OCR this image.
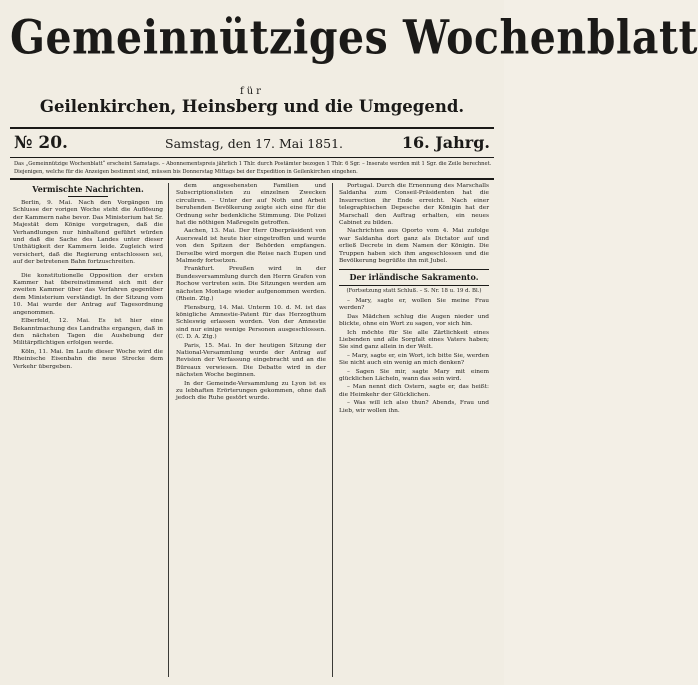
Gemeinnütziges Wochenblatt
für
Geilenkirchen, Heinsberg und die Umgegend.
№ 20.	Samstag, den 17. Mai 1851.	16. Jahrg.
Das „Gemeinnützige Wochenblatt“ erscheint Samstags. – Abonnementspreis jährlich 1 Thlr. durch Postämter bezogen 1 Thlr. 6 Sgr. – Inserate werden mit 1 Sgr. die Zeile berechnet. Diejenigen, welche für die Anzeigen bestimmt sind, müssen bis Donnerstag Mittags bei der Expedition in Geilenkirchen eingehen.
Vermischte Nachrichten.

Berlin, 9. Mai. Nach den Vorgängen im Schlusse der vorigen Woche steht die Auflösung der Kammern nahe bevor. Das Ministerium hat Sr. Majestät dem Könige vorgetragen, daß die Verhandlungen nur hinhaltend geführt würden und daß die Sache des Landes unter dieser Unthätigkeit der Kammern leide. Zugleich wird versichert, daß die Regierung entschlossen sei, auf der betretenen Bahn fortzuschreiten.

Die konstitutionelle Opposition der ersten Kammer hat übereinstimmend sich mit der zweiten Kammer über das Verfahren gegenüber dem Ministerium verständigt. In der Sitzung vom 10. Mai wurde der Antrag auf Tagesordnung angenommen.

Elberfeld, 12. Mai. Es ist hier eine Bekanntmachung des Landraths ergangen, daß in den nächsten Tagen die Aushebung der Militärpflichtigen erfolgen werde.

Köln, 11. Mai. Im Laufe dieser Woche wird die Rheinische Eisenbahn die neue Strecke dem Verkehr übergeben.

dem angesehensten Familien und Subscriptionslisten zu einzelnen Zwecken circuliren. – Unter der auf Noth und Arbeit beruhenden Bevölkerung zeigte sich eine für die Ordnung sehr bedenkliche Stimmung. Die Polizei hat die nöthigen Maßregeln getroffen.

Aachen, 13. Mai. Der Herr Oberpräsident von Auerswald ist heute hier eingetroffen und wurde von den Spitzen der Behörden empfangen. Derselbe wird morgen die Reise nach Eupen und Malmedy fortsetzen.

Frankfurt. Preußen wird in der Bundesversammlung durch den Herrn Grafen von Rochow vertreten sein. Die Sitzungen werden am nächsten Montage wieder aufgenommen werden. (Rhein. Ztg.)

Flensburg, 14. Mai. Unterm 10. d. M. ist das königliche Amnestie-Patent für das Herzogthum Schleswig erlassen worden. Von der Amnestie sind nur einige wenige Personen ausgeschlossen. (C. D. A. Ztg.)

Paris, 15. Mai. In der heutigen Sitzung der National-Versammlung wurde der Antrag auf Revision der Verfassung eingebracht und an die Büreaux verwiesen. Die Debatte wird in der nächsten Woche beginnen.

In der Gemeinde-Versammlung zu Lyon ist es zu lebhaften Erörterungen gekommen, ohne daß jedoch die Ruhe gestört wurde.

Portugal. Durch die Ernennung des Marschalls Saldanha zum Conseil-Präsidenten hat die Insurrection ihr Ende erreicht. Nach einer telegraphischen Depesche der Königin hat der Marschall den Auftrag erhalten, ein neues Cabinet zu bilden.

Nachrichten aus Oporto vom 4. Mai zufolge war Saldanha dort ganz als Dictator auf und erließ Decrete in dem Namen der Königin. Die Truppen haben sich ihm angeschlossen und die Bevölkerung begrüßte ihn mit Jubel.

Der irländische Sakramento.
(Fortsetzung statt Schluß. – S. Nr. 18 u. 19 d. Bl.)

– Mary, sagte er, wollen Sie meine Frau werden?

Das Mädchen schlug die Augen nieder und blickte, ohne ein Wort zu sagen, vor sich hin.

Ich möchte für Sie alle Zärtlichkeit eines Liebenden und alle Sorgfalt eines Vaters haben; Sie sind ganz allein in der Welt.

– Mary, sagte er, ein Wort, ich bitte Sie, werden Sie nicht auch ein wenig an mich denken?

– Sagen Sie mir, sagte Mary mit einem glücklichen Lächeln, wann das sein wird.

– Man nennt dich Ostern, sagte er, das heißt: die Heimkehr der Glücklichen.

– Was will ich also thun? Abends, Frau und Lieb, wir wollen ihn.
